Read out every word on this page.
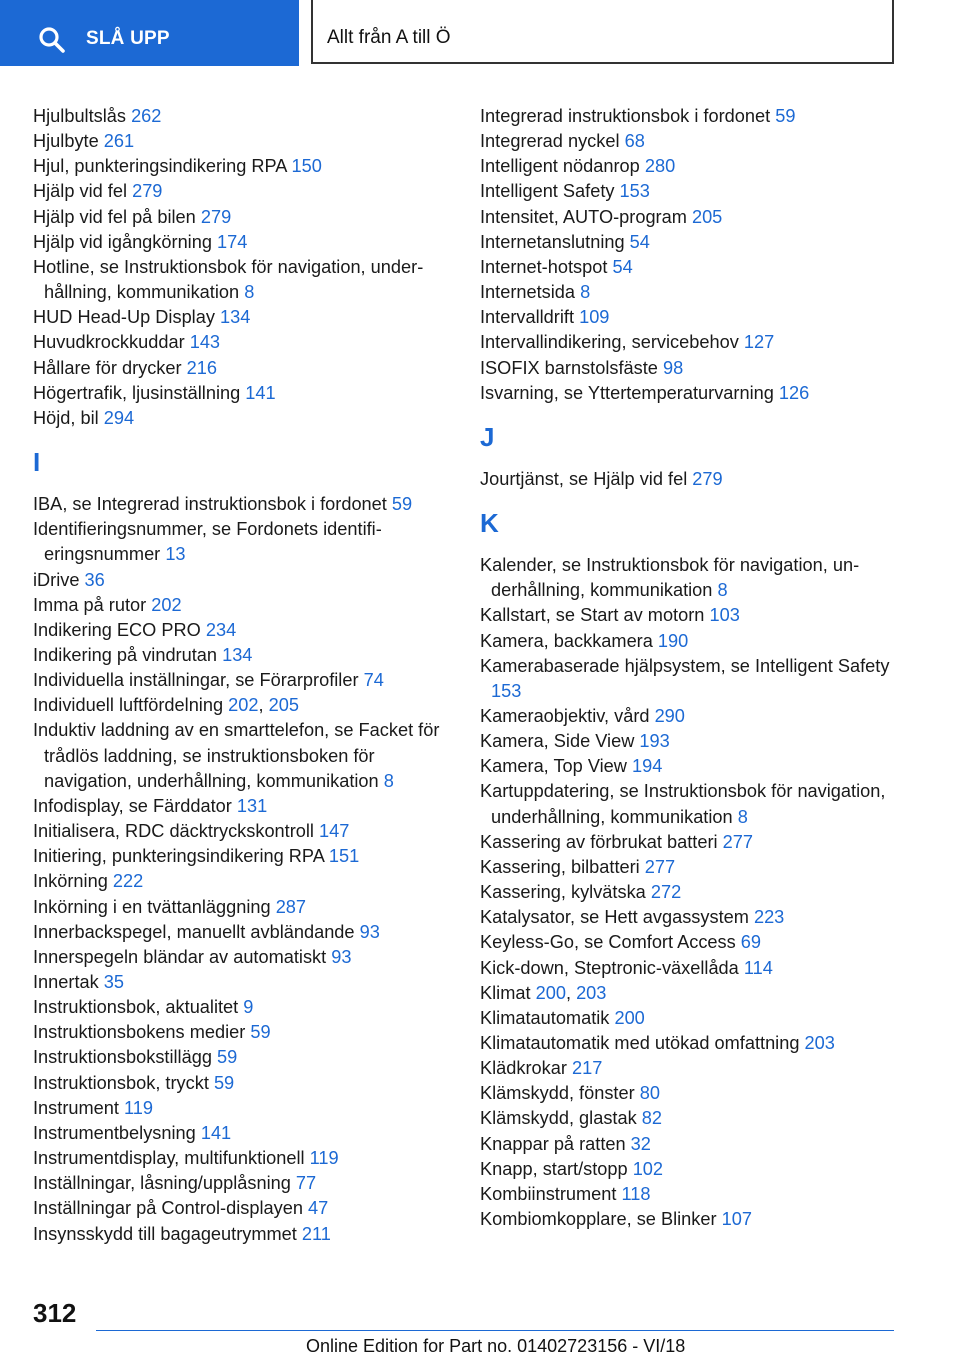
SLÅ UPP	Allt från A till Ö
Hjulbultslås 262
Hjulbyte 261
Hjul, punkteringsindikering RPA 150
Hjälp vid fel 279
Hjälp vid fel på bilen 279
Hjälp vid igångkörning 174
Hotline, se Instruktionsbok för navigation, underhållning, kommunikation 8
HUD Head-Up Display 134
Huvudkrockkuddar 143
Hållare för drycker 216
Högertrafik, ljusinställning 141
Höjd, bil 294
I
IBA, se Integrerad instruktionsbok i fordonet 59
Identifieringsnummer, se Fordonets identifieringsnummer 13
iDrive 36
Imma på rutor 202
Indikering ECO PRO 234
Indikering på vindrutan 134
Individuella inställningar, se Förarprofiler 74
Individuell luftfördelning 202, 205
Induktiv laddning av en smarttelefon, se Facket för trådlös laddning, se instruktionsboken för navigation, underhållning, kommunikation 8
Infodisplay, se Färddator 131
Initialisera, RDC däcktryckskontroll 147
Initiering, punkteringsindikering RPA 151
Inkörning 222
Inkörning i en tvättanläggning 287
Innerbackspegel, manuellt avbländande 93
Innerspegeln bländar av automatiskt 93
Innertak 35
Instruktionsbok, aktualitet 9
Instruktionsbokens medier 59
Instruktionsbokstillägg 59
Instruktionsbok, tryckt 59
Instrument 119
Instrumentbelysning 141
Instrumentdisplay, multifunktionell 119
Inställningar, låsning/upplåsning 77
Inställningar på Control-displayen 47
Insynsskydd till bagageutrymmet 211
Integrerad instruktionsbok i fordonet 59
Integrerad nyckel 68
Intelligent nödanrop 280
Intelligent Safety 153
Intensitet, AUTO-program 205
Internetanslutning 54
Internet-hotspot 54
Internetsida 8
Intervalldrift 109
Intervallindikering, servicebehov 127
ISOFIX barnstolsfäste 98
Isvarning, se Yttertemperaturvarning 126
J
Jourtjänst, se Hjälp vid fel 279
K
Kalender, se Instruktionsbok för navigation, underhållning, kommunikation 8
Kallstart, se Start av motorn 103
Kamera, backkamera 190
Kamerabaserade hjälpsystem, se Intelligent Safety 153
Kameraobjektiv, vård 290
Kamera, Side View 193
Kamera, Top View 194
Kartuppdatering, se Instruktionsbok för navigation, underhållning, kommunikation 8
Kassering av förbrukat batteri 277
Kassering, bilbatteri 277
Kassering, kylvätska 272
Katalysator, se Hett avgassystem 223
Keyless-Go, se Comfort Access 69
Kick-down, Steptronic-växellåda 114
Klimat 200, 203
Klimatautomatik 200
Klimatautomatik med utökad omfattning 203
Klädkrokar 217
Klämskydd, fönster 80
Klämskydd, glastak 82
Knappar på ratten 32
Knapp, start/stopp 102
Kombiinstrument 118
Kombiomkopplare, se Blinker 107
312
Online Edition for Part no. 01402723156 - VI/18
